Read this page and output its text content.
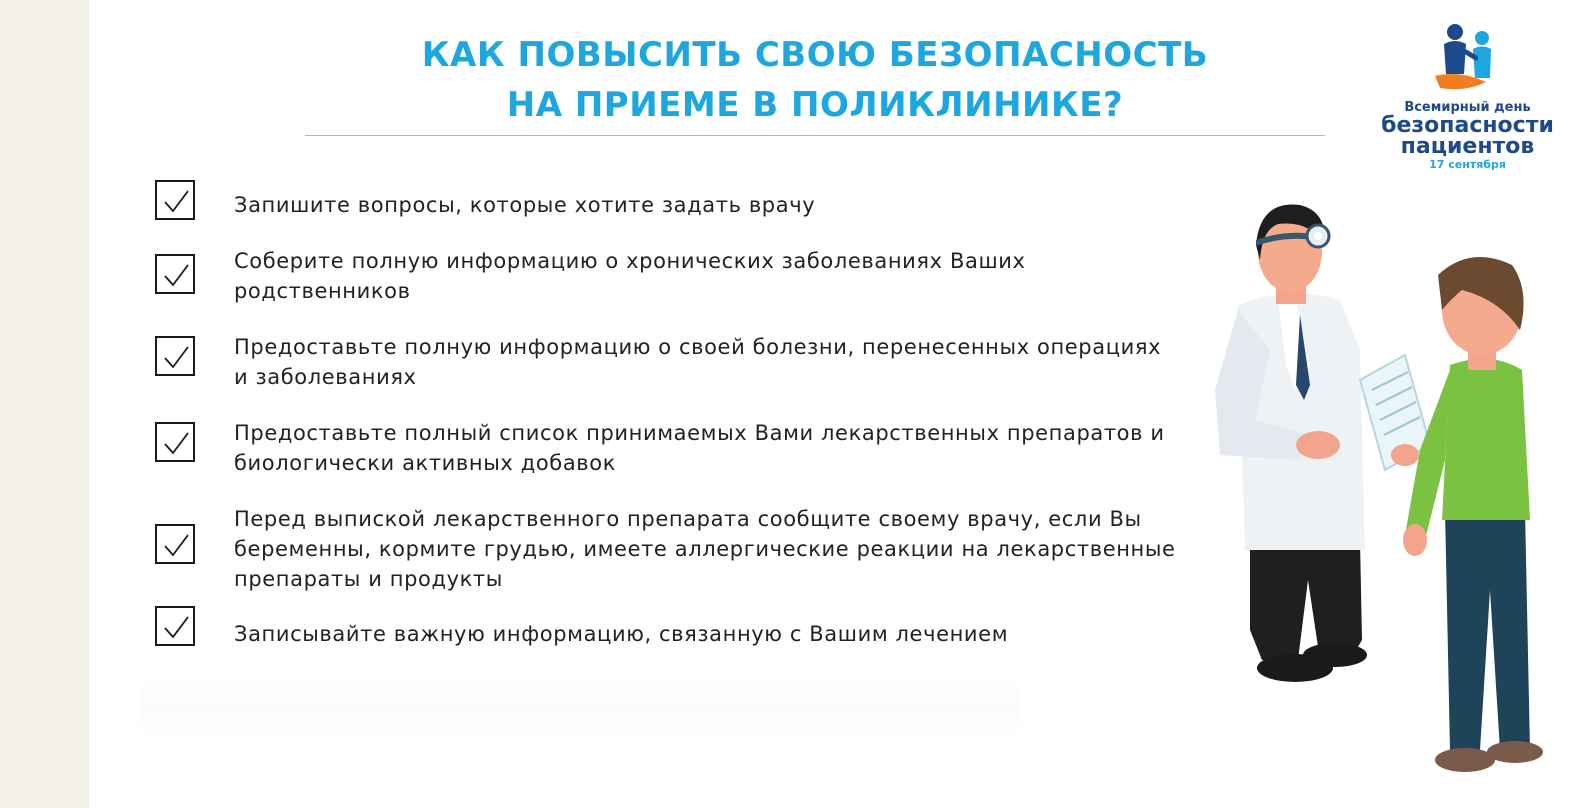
КАК ПОВЫСИТЬ СВОЮ БЕЗОПАСНОСТЬ
НА ПРИЕМЕ В ПОЛИКЛИНИКЕ?	Всемирный день
безопасности
пациентов
17 сентября
Запишите вопросы, которые хотите задать врачу
Соберите полную информацию о хронических заболеваниях Ваших
родственников
Предоставьте полную информацию о своей болезни, перенесенных операциях
и заболеваниях
Предоставьте полный список принимаемых Вами лекарственных препаратов и
биологически активных добавок
Перед выпиской лекарственного препарата сообщите своему врачу, если Вы
беременны, кормите грудью, имеете аллергические реакции на лекарственные
препараты и продукты
Записывайте важную информацию, связанную с Вашим лечением
